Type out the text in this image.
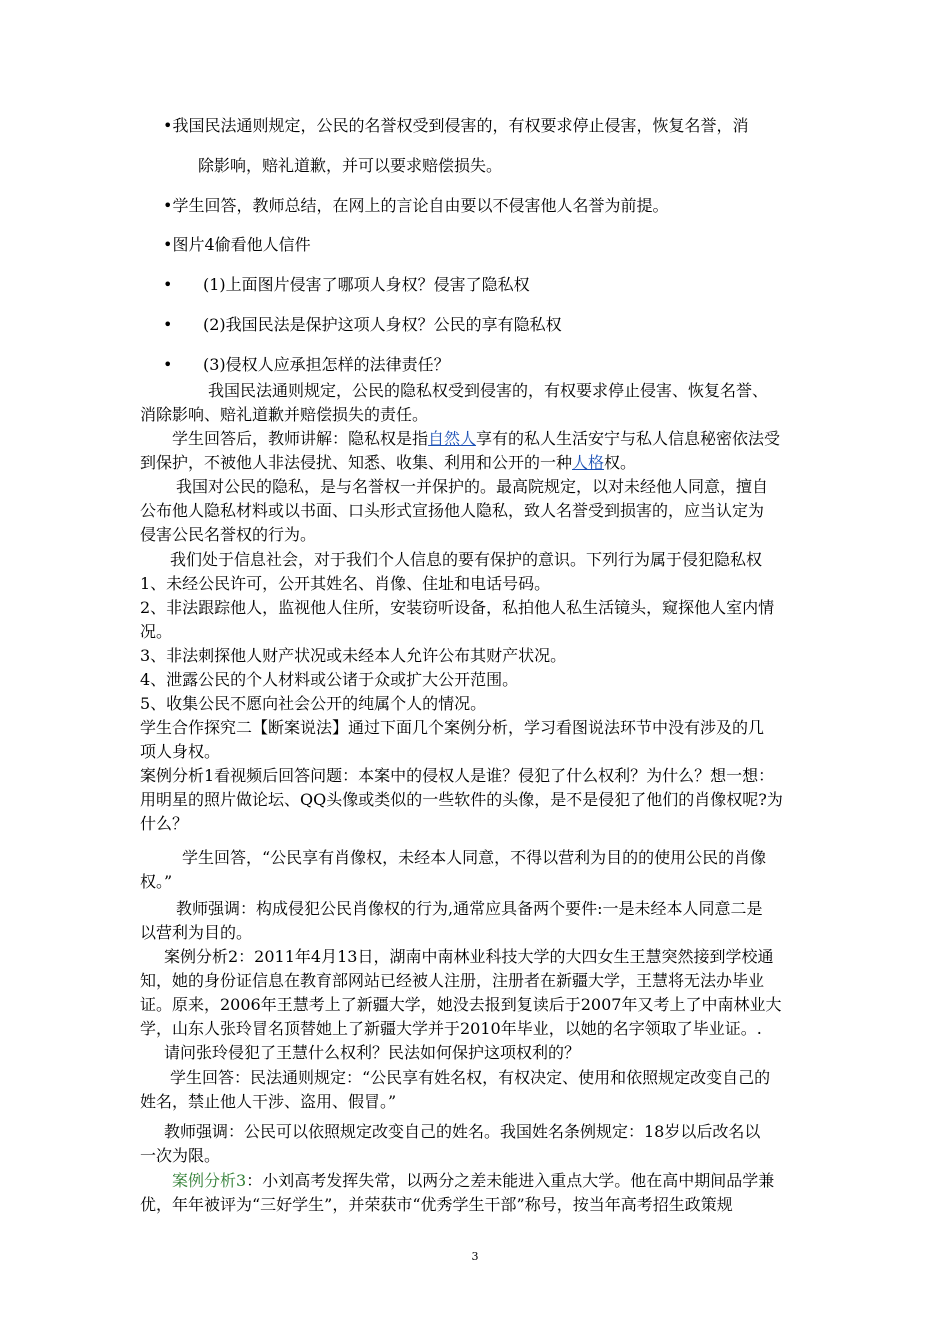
•我国民法通则规定，公民的名誉权受到侵害的，有权要求停止侵害，恢复名誉，消
除影响，赔礼道歉，并可以要求赔偿损失。
•学生回答，教师总结，在网上的言论自由要以不侵害他人名誉为前提。
•图片4偷看他人信件
• (1)上面图片侵害了哪项人身权？侵害了隐私权
• (2)我国民法是保护这项人身权？公民的享有隐私权
• (3)侵权人应承担怎样的法律责任？
我国民法通则规定，公民的隐私权受到侵害的，有权要求停止侵害、恢复名誉、
消除影响、赔礼道歉并赔偿损失的责任。
学生回答后，教师讲解：隐私权是指自然人享有的私人生活安宁与私人信息秘密依法受
到保护，不被他人非法侵扰、知悉、收集、利用和公开的一种人格权。
我国对公民的隐私，是与名誉权一并保护的。最高院规定，以对未经他人同意，擅自
公布他人隐私材料或以书面、口头形式宣扬他人隐私，致人名誉受到损害的，应当认定为
侵害公民名誉权的行为。
我们处于信息社会，对于我们个人信息的要有保护的意识。下列行为属于侵犯隐私权
1、未经公民许可，公开其姓名、肖像、住址和电话号码。
2、非法跟踪他人，监视他人住所，安装窃听设备，私拍他人私生活镜头，窥探他人室内情
况。
3、非法刺探他人财产状况或未经本人允许公布其财产状况。
4、泄露公民的个人材料或公诸于众或扩大公开范围。
5、收集公民不愿向社会公开的纯属个人的情况。
学生合作探究二【断案说法】通过下面几个案例分析，学习看图说法环节中没有涉及的几
项人身权。
案例分析1看视频后回答问题：本案中的侵权人是谁？侵犯了什么权利？为什么？想一想：
用明星的照片做论坛、QQ头像或类似的一些软件的头像，是不是侵犯了他们的肖像权呢?为
什么？
学生回答，“公民享有肖像权，未经本人同意，不得以营利为目的的使用公民的肖像
权。”
教师强调：构成侵犯公民肖像权的行为,通常应具备两个要件:一是未经本人同意二是
以营利为目的。
案例分析2：2011年4月13日，湖南中南林业科技大学的大四女生王慧突然接到学校通
知，她的身份证信息在教育部网站已经被人注册，注册者在新疆大学，王慧将无法办毕业
证。原来，2006年王慧考上了新疆大学，她没去报到复读后于2007年又考上了中南林业大
学，山东人张玲冒名顶替她上了新疆大学并于2010年毕业，以她的名字领取了毕业证。.
请问张玲侵犯了王慧什么权利？民法如何保护这项权利的？
学生回答：民法通则规定：“公民享有姓名权，有权决定、使用和依照规定改变自己的
姓名，禁止他人干涉、盗用、假冒。”
教师强调：公民可以依照规定改变自己的姓名。我国姓名条例规定：18岁以后改名以
一次为限。
案例分析3：小刘高考发挥失常，以两分之差未能进入重点大学。他在高中期间品学兼
优，年年被评为“三好学生”，并荣获市“优秀学生干部”称号，按当年高考招生政策规
3
